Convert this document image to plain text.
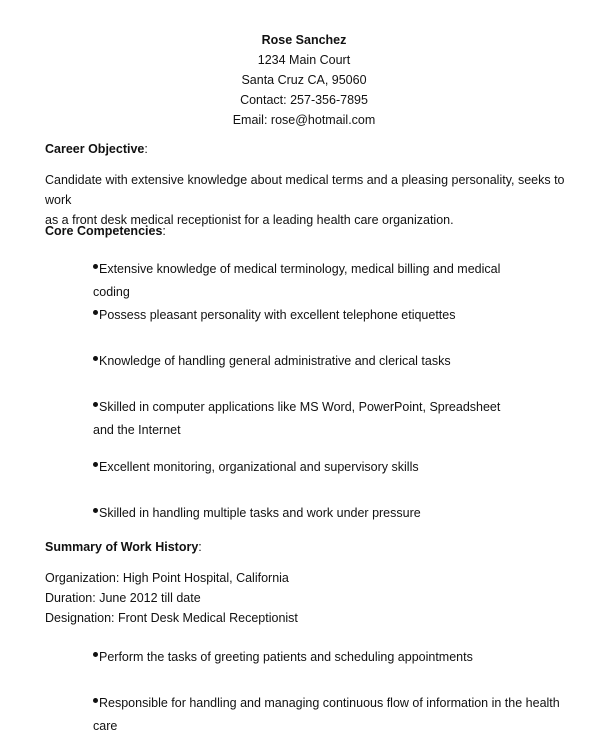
Rose Sanchez
1234 Main Court
Santa Cruz CA, 95060
Contact: 257-356-7895
Email: rose@hotmail.com
Career Objective:
Candidate with extensive knowledge about medical terms and a pleasing personality, seeks to work
as a front desk medical receptionist for a leading health care organization.
Core Competencies:
Extensive knowledge of medical terminology, medical billing and medical coding
Possess pleasant personality with excellent telephone etiquettes
Knowledge of handling general administrative and clerical tasks
Skilled in computer applications like MS Word, PowerPoint, Spreadsheet and the Internet
Excellent monitoring, organizational and supervisory skills
Skilled in handling multiple tasks and work under pressure
Summary of Work History:
Organization: High Point Hospital, California
Duration: June 2012 till date
Designation: Front Desk Medical Receptionist
Perform the tasks of greeting patients and scheduling appointments
Responsible for handling and managing continuous flow of information in the health care
